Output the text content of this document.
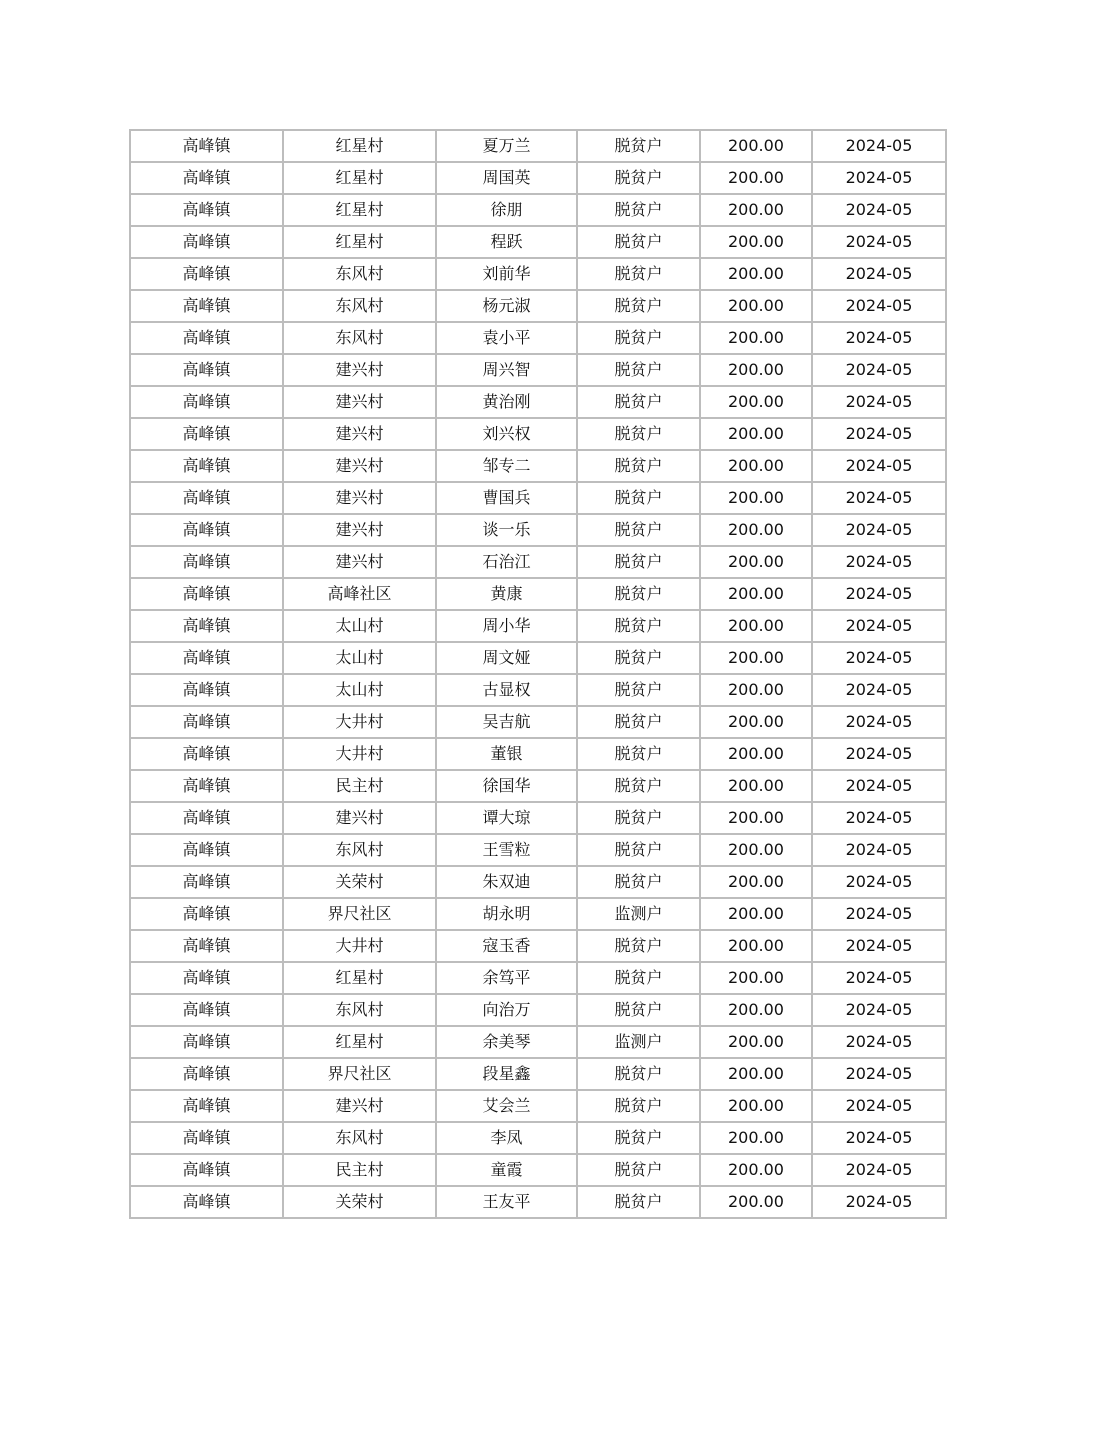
高峰镇	红星村	夏万兰	脱贫户	200.00	2024-05
高峰镇	红星村	周国英	脱贫户	200.00	2024-05
高峰镇	红星村	徐朋	脱贫户	200.00	2024-05
高峰镇	红星村	程跃	脱贫户	200.00	2024-05
高峰镇	东风村	刘前华	脱贫户	200.00	2024-05
高峰镇	东风村	杨元淑	脱贫户	200.00	2024-05
高峰镇	东风村	袁小平	脱贫户	200.00	2024-05
高峰镇	建兴村	周兴智	脱贫户	200.00	2024-05
高峰镇	建兴村	黄治刚	脱贫户	200.00	2024-05
高峰镇	建兴村	刘兴权	脱贫户	200.00	2024-05
高峰镇	建兴村	邹专二	脱贫户	200.00	2024-05
高峰镇	建兴村	曹国兵	脱贫户	200.00	2024-05
高峰镇	建兴村	谈一乐	脱贫户	200.00	2024-05
高峰镇	建兴村	石治江	脱贫户	200.00	2024-05
高峰镇	高峰社区	黄康	脱贫户	200.00	2024-05
高峰镇	太山村	周小华	脱贫户	200.00	2024-05
高峰镇	太山村	周文娅	脱贫户	200.00	2024-05
高峰镇	太山村	古显权	脱贫户	200.00	2024-05
高峰镇	大井村	吴吉航	脱贫户	200.00	2024-05
高峰镇	大井村	董银	脱贫户	200.00	2024-05
高峰镇	民主村	徐国华	脱贫户	200.00	2024-05
高峰镇	建兴村	谭大琼	脱贫户	200.00	2024-05
高峰镇	东风村	王雪粒	脱贫户	200.00	2024-05
高峰镇	关荣村	朱双迪	脱贫户	200.00	2024-05
高峰镇	界尺社区	胡永明	监测户	200.00	2024-05
高峰镇	大井村	寇玉香	脱贫户	200.00	2024-05
高峰镇	红星村	余笃平	脱贫户	200.00	2024-05
高峰镇	东风村	向治万	脱贫户	200.00	2024-05
高峰镇	红星村	余美琴	监测户	200.00	2024-05
高峰镇	界尺社区	段星鑫	脱贫户	200.00	2024-05
高峰镇	建兴村	艾会兰	脱贫户	200.00	2024-05
高峰镇	东风村	李凤	脱贫户	200.00	2024-05
高峰镇	民主村	童霞	脱贫户	200.00	2024-05
高峰镇	关荣村	王友平	脱贫户	200.00	2024-05
